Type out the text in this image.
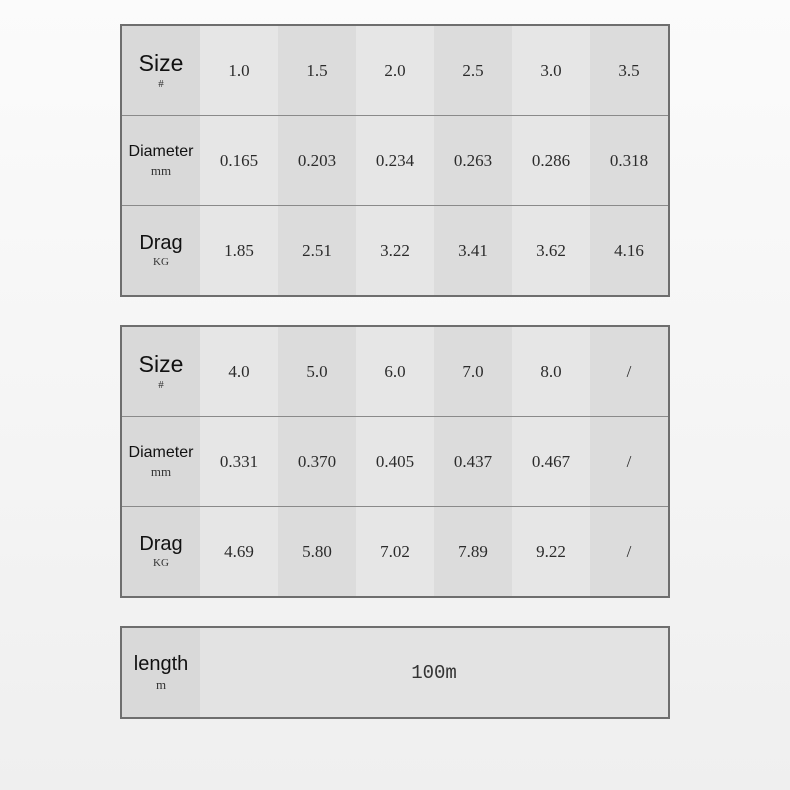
Size
#
1.0	1.5	2.0	2.5	3.0	3.5
Diameter
mm
0.165	0.203	0.234	0.263	0.286	0.318
Drag
KG
1.85	2.51	3.22	3.41	3.62	4.16
Size
#
4.0	5.0	6.0	7.0	8.0	/
Diameter
mm
0.331	0.370	0.405	0.437	0.467	/
Drag
KG
4.69	5.80	7.02	7.89	9.22	/
length
m
100m
